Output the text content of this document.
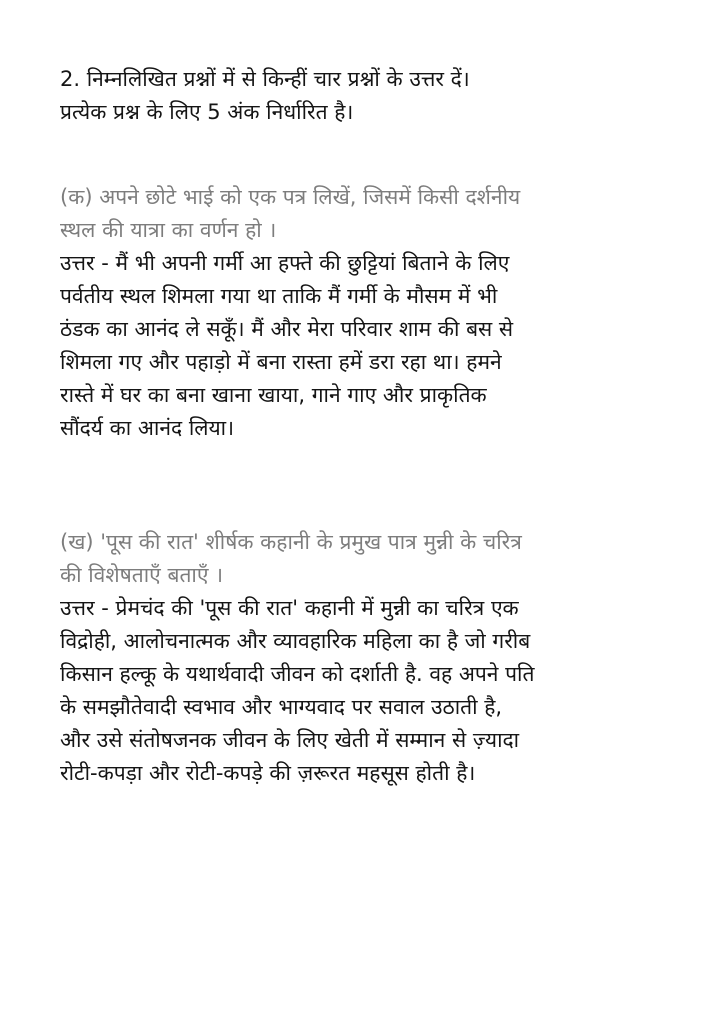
2. निम्नलिखित प्रश्नों में से किन्हीं चार प्रश्नों के उत्तर दें।
प्रत्येक प्रश्न के लिए 5 अंक निर्धारित है।

(क) अपने छोटे भाई को एक पत्र लिखें, जिसमें किसी दर्शनीय
स्थल की यात्रा का वर्णन हो ।

उत्तर - मैं भी अपनी गर्मी आ हफ्ते की छुट्टियां बिताने के लिए
पर्वतीय स्थल शिमला गया था ताकि मैं गर्मी के मौसम में भी
ठंडक का आनंद ले सकूँ। मैं और मेरा परिवार शाम की बस से
शिमला गए और पहाड़ो में बना रास्ता हमें डरा रहा था। हमने
रास्ते में घर का बना खाना खाया, गाने गाए और प्राकृतिक
सौंदर्य का आनंद लिया।

(ख) 'पूस की रात' शीर्षक कहानी के प्रमुख पात्र मुन्नी के चरित्र
की विशेषताएँ बताएँ ।

उत्तर - प्रेमचंद की 'पूस की रात' कहानी में मुन्नी का चरित्र एक
विद्रोही, आलोचनात्मक और व्यावहारिक महिला का है जो गरीब
किसान हल्कू के यथार्थवादी जीवन को दर्शाती है. वह अपने पति
के समझौतेवादी स्वभाव और भाग्यवाद पर सवाल उठाती है,
और उसे संतोषजनक जीवन के लिए खेती में सम्मान से ज़्यादा
रोटी-कपड़ा और रोटी-कपड़े की ज़रूरत महसूस होती है।
